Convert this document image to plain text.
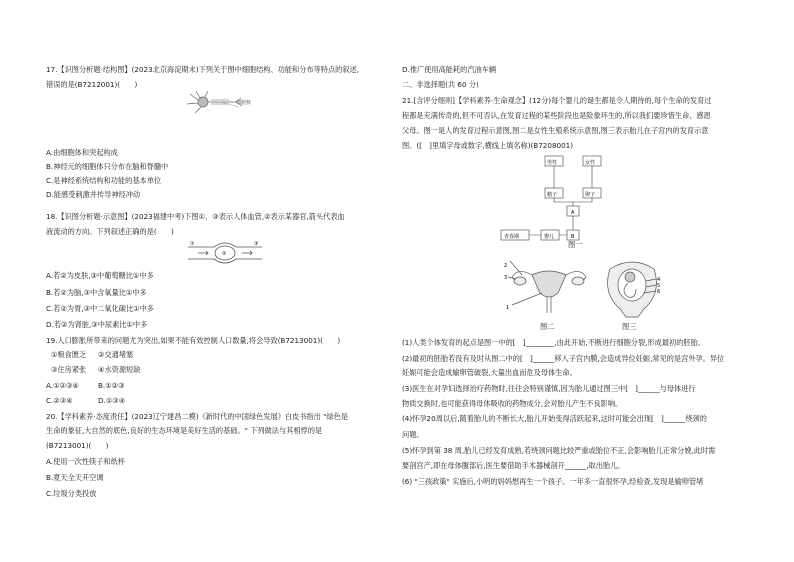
17.【识图分析题·结构图】(2023北京海淀期末)下列关于图中细胞结构、功能和分布等特点的叙述,
错误的是(B7212001)(　　)
细胞核
A.由细胞体和突起构成
B.神经元的细胞体只分布在脑和脊髓中
C.是神经系统结构和功能的基本单位
D.能感受刺激并传导神经冲动
18.【识图分析题·示意图】(2023福建中考)下图①、③表示人体血管,②表示某器官,箭头代表血
液流动的方向。下列叙述正确的是(　　)
①
②
③
A.若②为皮肤,③中葡萄糖比①中多
B.若②为脑,③中含氧量比①中多
C.若②为胃,③中二氧化碳比①中多
D.若②为肾脏,③中尿素比①中多
19.人口膨胀所带来的问题尤为突出,如果不能有效控制人口数量,将会导致(B7213001)(　　)
①粮食匮乏 ②交通堵塞
③住房紧张 ④水资源短缺
A.①②③④	B.①②③
C.②③④	D.①③④
20.【学科素养·态度责任】(2023辽宁建昌二模)《新时代的中国绿色发展》白皮书指出 "绿色是
生命的象征,大自然的底色,良好的生态环境是美好生活的基础。" 下列做法与其相悖的是
(B7213001)(　　)
A.使用一次性筷子和纸杯
B.夏天全天开空调
C.垃圾分类投放
D.推广使用高能耗的汽油车辆
二、非选择题(共 60 分)
21.[含评分细则]【学科素养·生命观念】(12分)每个婴儿的诞生都是令人期待的,每个生命的发育过
程都是充满传奇的,但不可否认,在发育过程的某些阶段也是险象环生的,所以我们要珍惜生命、感恩
父母。图一是人的发育过程示意图,图二是女性生殖系统示意图,图三表示胎儿在子宫内的发育示意
图。([　]里填字母或数字,横线上填名称)(B7208001)
男性	女性
精子	卵子
A
B
青春期	婴儿
图一
2
3
1
图二
4
5
6
图三
(1)人类个体发育的起点是图一中的[　]________,由此开始,不断进行细胞分裂,形成最初的胚胎。
(2)最初的胚胎若没有及时从图二中的[　]______移入子宫内膜,会造成异位妊娠,常见的是宫外孕。异位
妊娠可能会造成输卵管破裂,大量出血而危及母体生命。
(3)医生在对孕妇选择治疗药物时,往往会特别谨慎,因为胎儿通过图三中[　]______与母体进行
物质交换时,也可能获得母体吸收的药物成分,会对胎儿产生不良影响。
(4)怀孕20周以后,随着胎儿的不断长大,胎儿开始变得活跃起来,这时可能会出现[　]______绕颈的
问题。
(5)怀孕到第 38 周,胎儿已经发育成熟,若绕颈问题比较严重或胎位不正,会影响胎儿正常分娩,此时需
要剖宫产,即在母体腹部后,医生要借助手术器械剖开______,取出胎儿。
(6) "三孩政策" 实施后,小明的妈妈想再生一个孩子。一年多一直很怀孕,经检查,发现是输卵管堵
